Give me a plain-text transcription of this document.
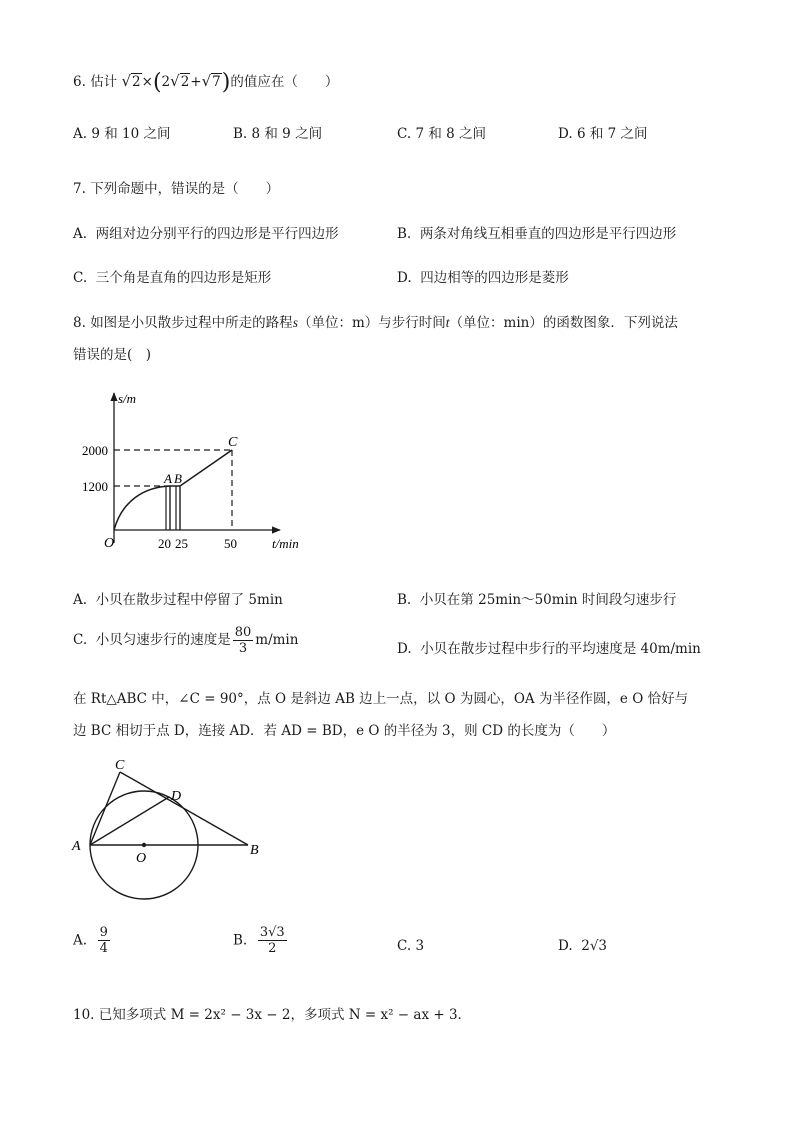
6. 估计 √2×(2√2+√7)的值应在（　　）
A. 9 和 10 之间	B. 8 和 9 之间	C. 7 和 8 之间	D. 6 和 7 之间
7. 下列命题中，错误的是（　　）
A. 两组对边分别平行的四边形是平行四边形	B. 两条对角线互相垂直的四边形是平行四边形
C. 三个角是直角的四边形是矩形	D. 四边相等的四边形是菱形
8. 如图是小贝散步过程中所走的路程s（单位：m）与步行时间t（单位：min）的函数图象．下列说法
错误的是(　)
s/m
t/min
2000
1200
20 25	50
O
A B
C
A. 小贝在散步过程中停留了 5min	B. 小贝在第 25min～50min 时间段匀速步行
C. 小贝匀速步行的速度是 $\frac{80}{3} m/\min$
D. 小贝在散步过程中步行的平均速度是 40m/min
在 Rt△ABC 中，∠C = 90°，点 O 是斜边 AB 边上一点，以 O 为圆心，OA 为半径作圆，e O 恰好与
边 BC 相切于点 D，连接 AD．若 AD = BD，e O 的半径为 3，则 CD 的长度为（　　）
A	B
C
D
O
A. $\frac{9}{4}$	B. $\frac{3√3}{2}$	C. 3	D. 2√3
10. 已知多项式 M = 2x² − 3x − 2，多项式 N = x² − ax + 3．
